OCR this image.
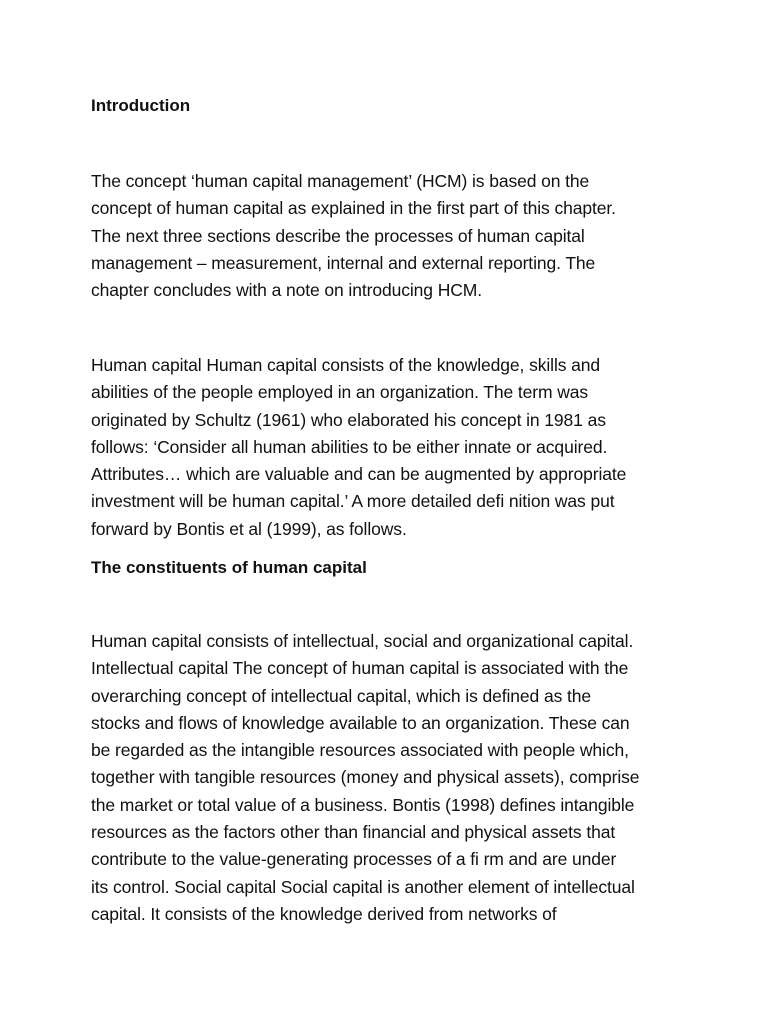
Introduction

The concept ‘human capital management’ (HCM) is based on the
concept of human capital as explained in the first part of this chapter.
The next three sections describe the processes of human capital
management – measurement, internal and external reporting. The
chapter concludes with a note on introducing HCM.

Human capital Human capital consists of the knowledge, skills and
abilities of the people employed in an organization. The term was
originated by Schultz (1961) who elaborated his concept in 1981 as
follows: ‘Consider all human abilities to be either innate or acquired.
Attributes… which are valuable and can be augmented by appropriate
investment will be human capital.’ A more detailed defi nition was put
forward by Bontis et al (1999), as follows.

The constituents of human capital

Human capital consists of intellectual, social and organizational capital.
Intellectual capital The concept of human capital is associated with the
overarching concept of intellectual capital, which is defined as the
stocks and flows of knowledge available to an organization. These can
be regarded as the intangible resources associated with people which,
together with tangible resources (money and physical assets), comprise
the market or total value of a business. Bontis (1998) defines intangible
resources as the factors other than financial and physical assets that
contribute to the value-generating processes of a fi rm and are under
its control. Social capital Social capital is another element of intellectual
capital. It consists of the knowledge derived from networks of
